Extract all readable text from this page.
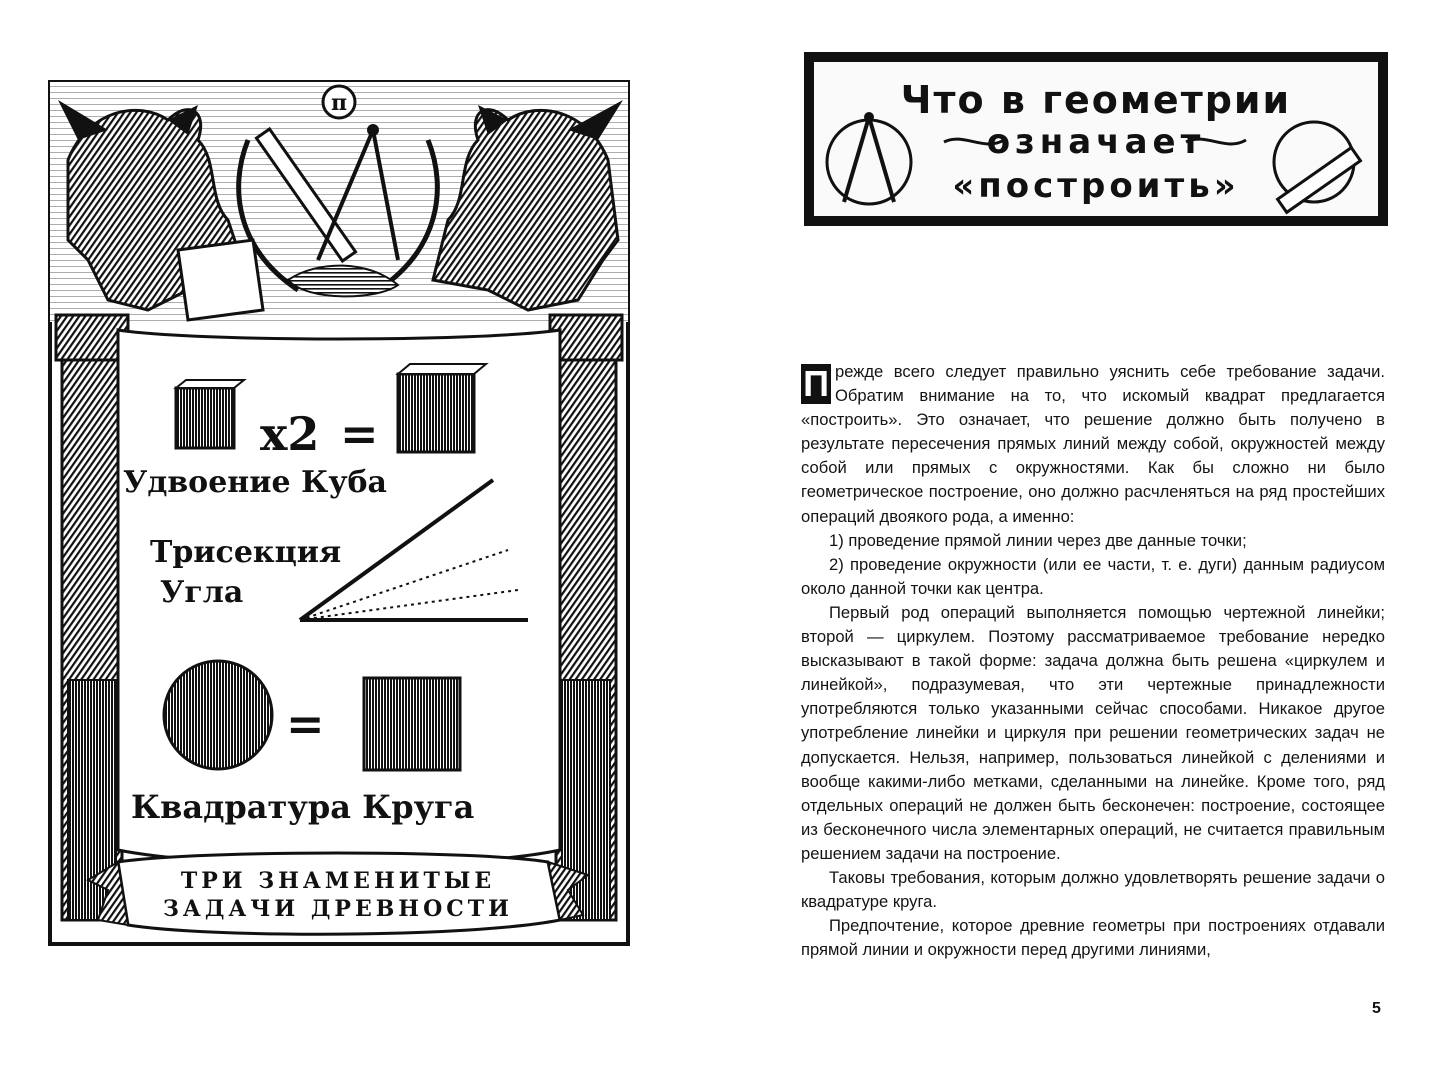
π
x2 =
Удвоение Куба
Трисекция
Угла
=
Квадратура Круга
ТРИ ЗНАМЕНИТЫЕ
ЗАДАЧИ ДРЕВНОСТИ
Что в геометрии
означает
«построить»

П режде всего следует правильно уяснить себе требование задачи. Обратим внимание на то, что искомый квадрат предлагается «построить». Это означает, что решение должно быть получено в результате пересечения прямых линий между собой, окружностей между собой или прямых с окружностями. Как бы сложно ни было геометрическое построение, оно должно расчленяться на ряд простейших операций двоякого рода, а именно:

1) проведение прямой линии через две данные точки;

2) проведение окружности (или ее части, т. е. дуги) данным радиусом около данной точки как центра.

Первый род операций выполняется помощью чертежной линейки; второй — циркулем. Поэтому рассматриваемое требование нередко высказывают в такой форме: задача должна быть решена «циркулем и линейкой», подразумевая, что эти чертежные принадлежности употребляются только указанными сейчас способами. Никакое другое употребление линейки и циркуля при решении геометрических задач не допускается. Нельзя, например, пользоваться линейкой с делениями и вообще какими-либо метками, сделанными на линейке. Кроме того, ряд отдельных операций не должен быть бесконечен: построение, состоящее из бесконечного числа элементарных операций, не считается правильным решением задачи на построение.

Таковы требования, которым должно удовлетворять решение задачи о квадратуре круга.

Предпочтение, которое древние геометры при построениях отдавали прямой линии и окружности перед другими линиями,

5
